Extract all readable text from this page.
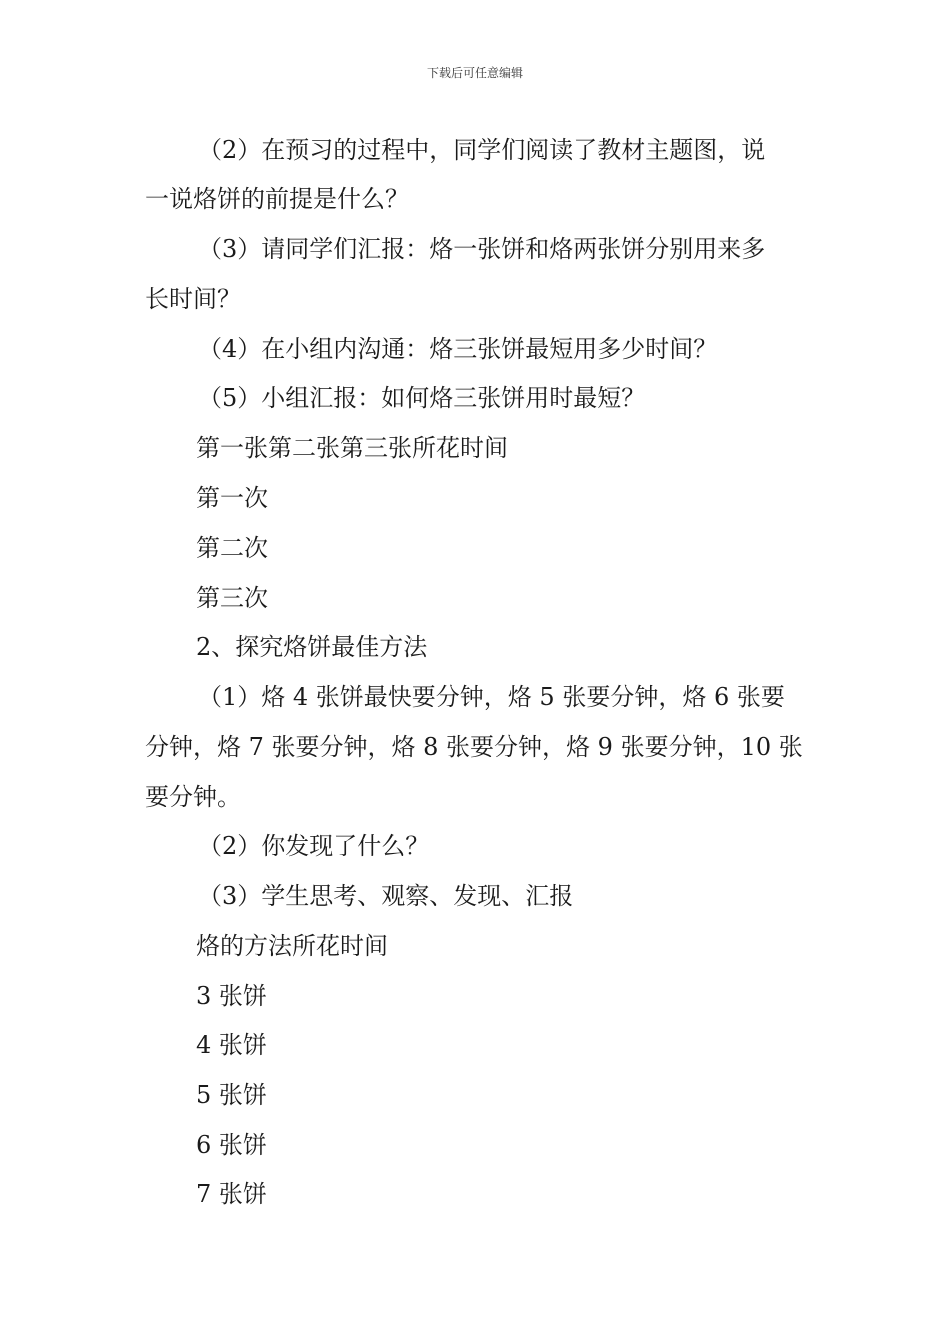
下载后可任意编辑
（2）在预习的过程中，同学们阅读了教材主题图，说
一说烙饼的前提是什么？
（3）请同学们汇报：烙一张饼和烙两张饼分别用来多
长时间？
（4）在小组内沟通：烙三张饼最短用多少时间？
（5）小组汇报：如何烙三张饼用时最短？
第一张第二张第三张所花时间
第一次
第二次
第三次
2、探究烙饼最佳方法
（1）烙 4 张饼最快要分钟，烙 5 张要分钟，烙 6 张要
分钟，烙 7 张要分钟，烙 8 张要分钟，烙 9 张要分钟，10 张
要分钟。
（2）你发现了什么？
（3）学生思考、观察、发现、汇报
烙的方法所花时间
3 张饼
4 张饼
5 张饼
6 张饼
7 张饼
